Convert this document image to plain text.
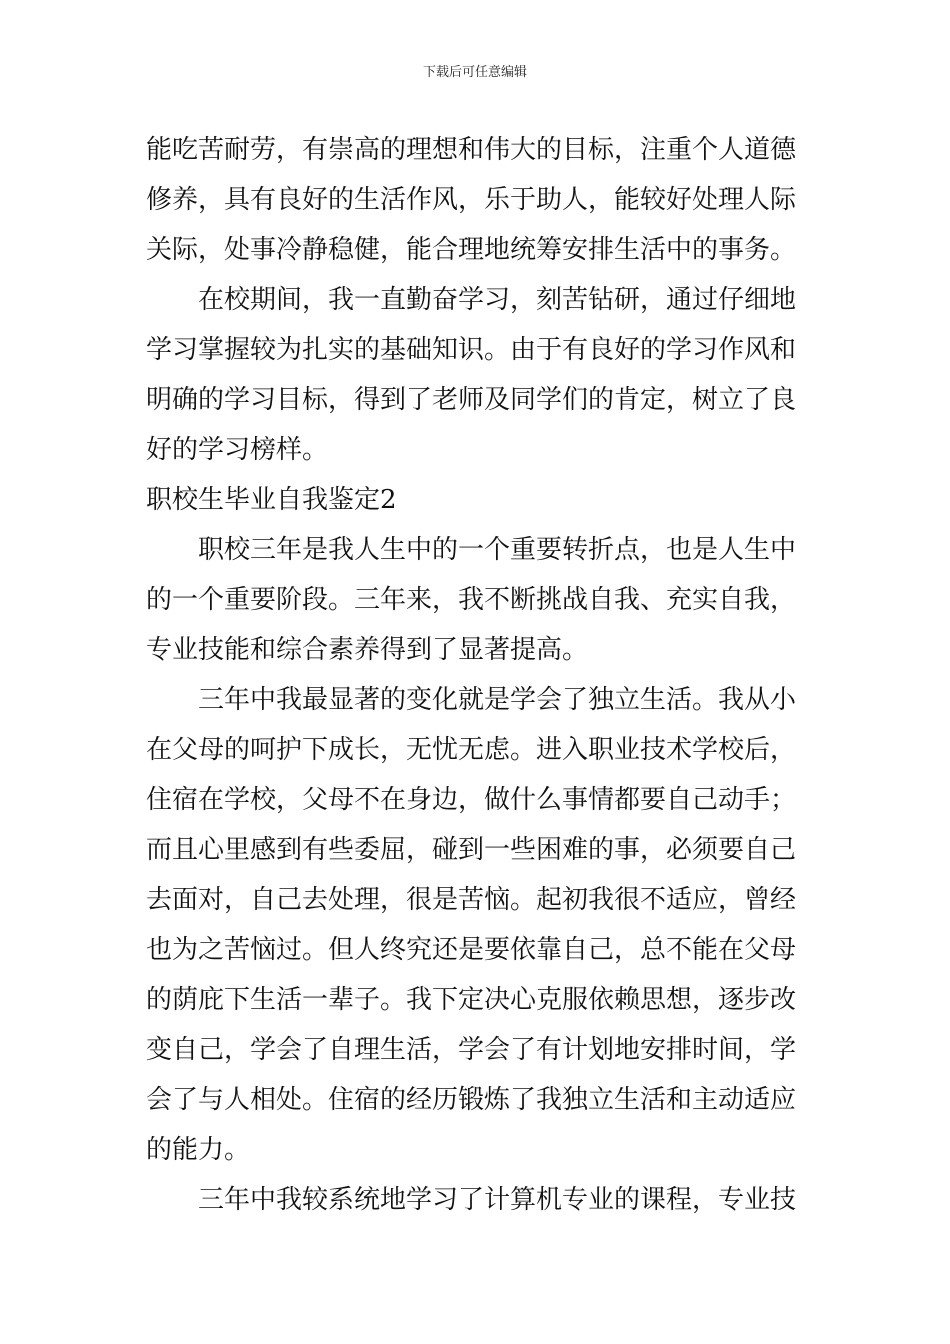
下载后可任意编辑
能吃苦耐劳，有崇高的理想和伟大的目标，注重个人道德
修养，具有良好的生活作风，乐于助人，能较好处理人际
关际，处事冷静稳健，能合理地统筹安排生活中的事务。
在校期间，我一直勤奋学习，刻苦钻研，通过仔细地
学习掌握较为扎实的基础知识。由于有良好的学习作风和
明确的学习目标，得到了老师及同学们的肯定，树立了良
好的学习榜样。
职校生毕业自我鉴定2
职校三年是我人生中的一个重要转折点，也是人生中
的一个重要阶段。三年来，我不断挑战自我、充实自我，
专业技能和综合素养得到了显著提高。
三年中我最显著的变化就是学会了独立生活。我从小
在父母的呵护下成长，无忧无虑。进入职业技术学校后，
住宿在学校，父母不在身边，做什么事情都要自己动手；
而且心里感到有些委屈，碰到一些困难的事，必须要自己
去面对，自己去处理，很是苦恼。起初我很不适应，曾经
也为之苦恼过。但人终究还是要依靠自己，总不能在父母
的荫庇下生活一辈子。我下定决心克服依赖思想，逐步改
变自己，学会了自理生活，学会了有计划地安排时间，学
会了与人相处。住宿的经历锻炼了我独立生活和主动适应
的能力。
三年中我较系统地学习了计算机专业的课程，专业技
